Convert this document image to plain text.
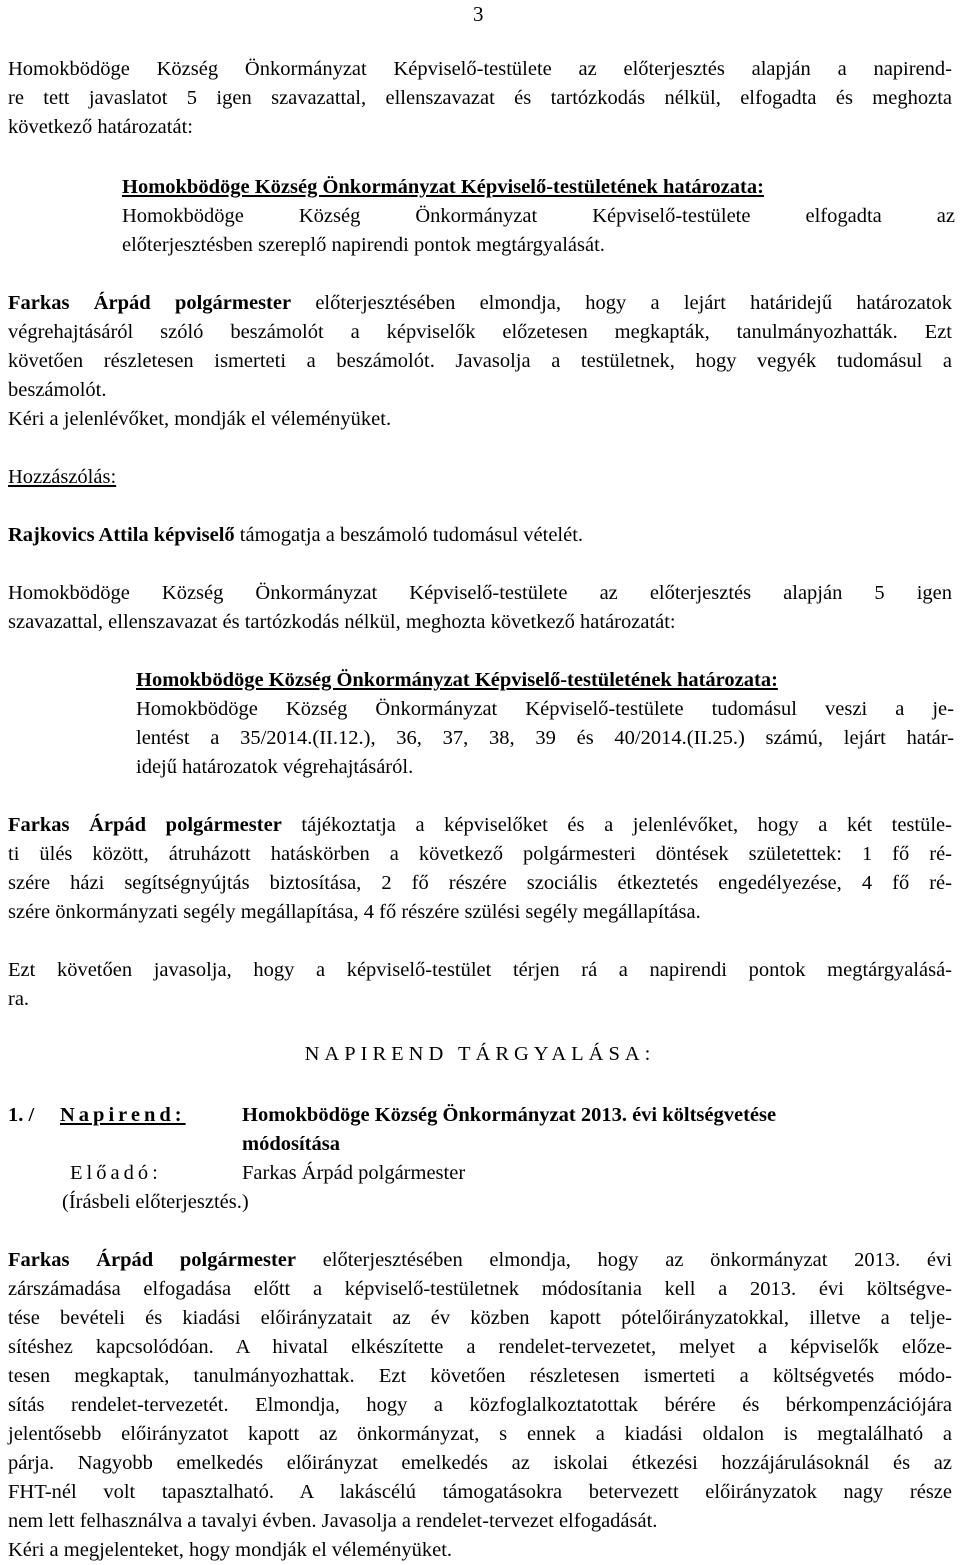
3
Homokbödöge Község Önkormányzat Képviselő-testülete az előterjesztés alapján a napirend-
re tett javaslatot 5 igen szavazattal, ellenszavazat és tartózkodás nélkül, elfogadta és meghozta
következő határozatát:
Homokbödöge Község Önkormányzat Képviselő-testületének határozata:
Homokbödöge Község Önkormányzat Képviselő-testülete elfogadta az
előterjesztésben szereplő napirendi pontok megtárgyalását.
Farkas Árpád polgármester előterjesztésében elmondja, hogy a lejárt határidejű határozatok
végrehajtásáról szóló beszámolót a képviselők előzetesen megkapták, tanulmányozhatták. Ezt
követően részletesen ismerteti a beszámolót. Javasolja a testületnek, hogy vegyék tudomásul a
beszámolót.
Kéri a jelenlévőket, mondják el véleményüket.
Hozzászólás:
Rajkovics Attila képviselő támogatja a beszámoló tudomásul vételét.
Homokbödöge Község Önkormányzat Képviselő-testülete az előterjesztés alapján 5 igen
szavazattal, ellenszavazat és tartózkodás nélkül, meghozta következő határozatát:
Homokbödöge Község Önkormányzat Képviselő-testületének határozata:
Homokbödöge Község Önkormányzat Képviselő-testülete tudomásul veszi a je-
lentést a 35/2014.(II.12.), 36, 37, 38, 39 és 40/2014.(II.25.) számú, lejárt határ-
idejű határozatok végrehajtásáról.
Farkas Árpád polgármester tájékoztatja a képviselőket és a jelenlévőket, hogy a két testüle-
ti ülés között, átruházott hatáskörben a következő polgármesteri döntések születettek: 1 fő ré-
szére házi segítségnyújtás biztosítása, 2 fő részére szociális étkeztetés engedélyezése, 4 fő ré-
szére önkormányzati segély megállapítása, 4 fő részére szülési segély megállapítása.
Ezt követően javasolja, hogy a képviselő-testület térjen rá a napirendi pontok megtárgyalásá-
ra.
NAPIREND TÁRGYALÁSA:
1. / Napirend:	Homokbödöge Község Önkormányzat 2013. évi költségvetése
módosítása
Előadó:	Farkas Árpád polgármester
(Írásbeli előterjesztés.)
Farkas Árpád polgármester előterjesztésében elmondja, hogy az önkormányzat 2013. évi
zárszámadása elfogadása előtt a képviselő-testületnek módosítania kell a 2013. évi költségve-
tése bevételi és kiadási előirányzatait az év közben kapott pótelőirányzatokkal, illetve a telje-
sítéshez kapcsolódóan. A hivatal elkészítette a rendelet-tervezetet, melyet a képviselők előze-
tesen megkaptak, tanulmányozhattak. Ezt követően részletesen ismerteti a költségvetés módo-
sítás rendelet-tervezetét. Elmondja, hogy a közfoglalkoztatottak bérére és bérkompenzációjára
jelentősebb előirányzatot kapott az önkormányzat, s ennek a kiadási oldalon is megtalálható a
párja. Nagyobb emelkedés előirányzat emelkedés az iskolai étkezési hozzájárulásoknál és az
FHT-nél volt tapasztalható. A lakáscélú támogatásokra betervezett előirányzatok nagy része
nem lett felhasználva a tavalyi évben. Javasolja a rendelet-tervezet elfogadását.
Kéri a megjelenteket, hogy mondják el véleményüket.
